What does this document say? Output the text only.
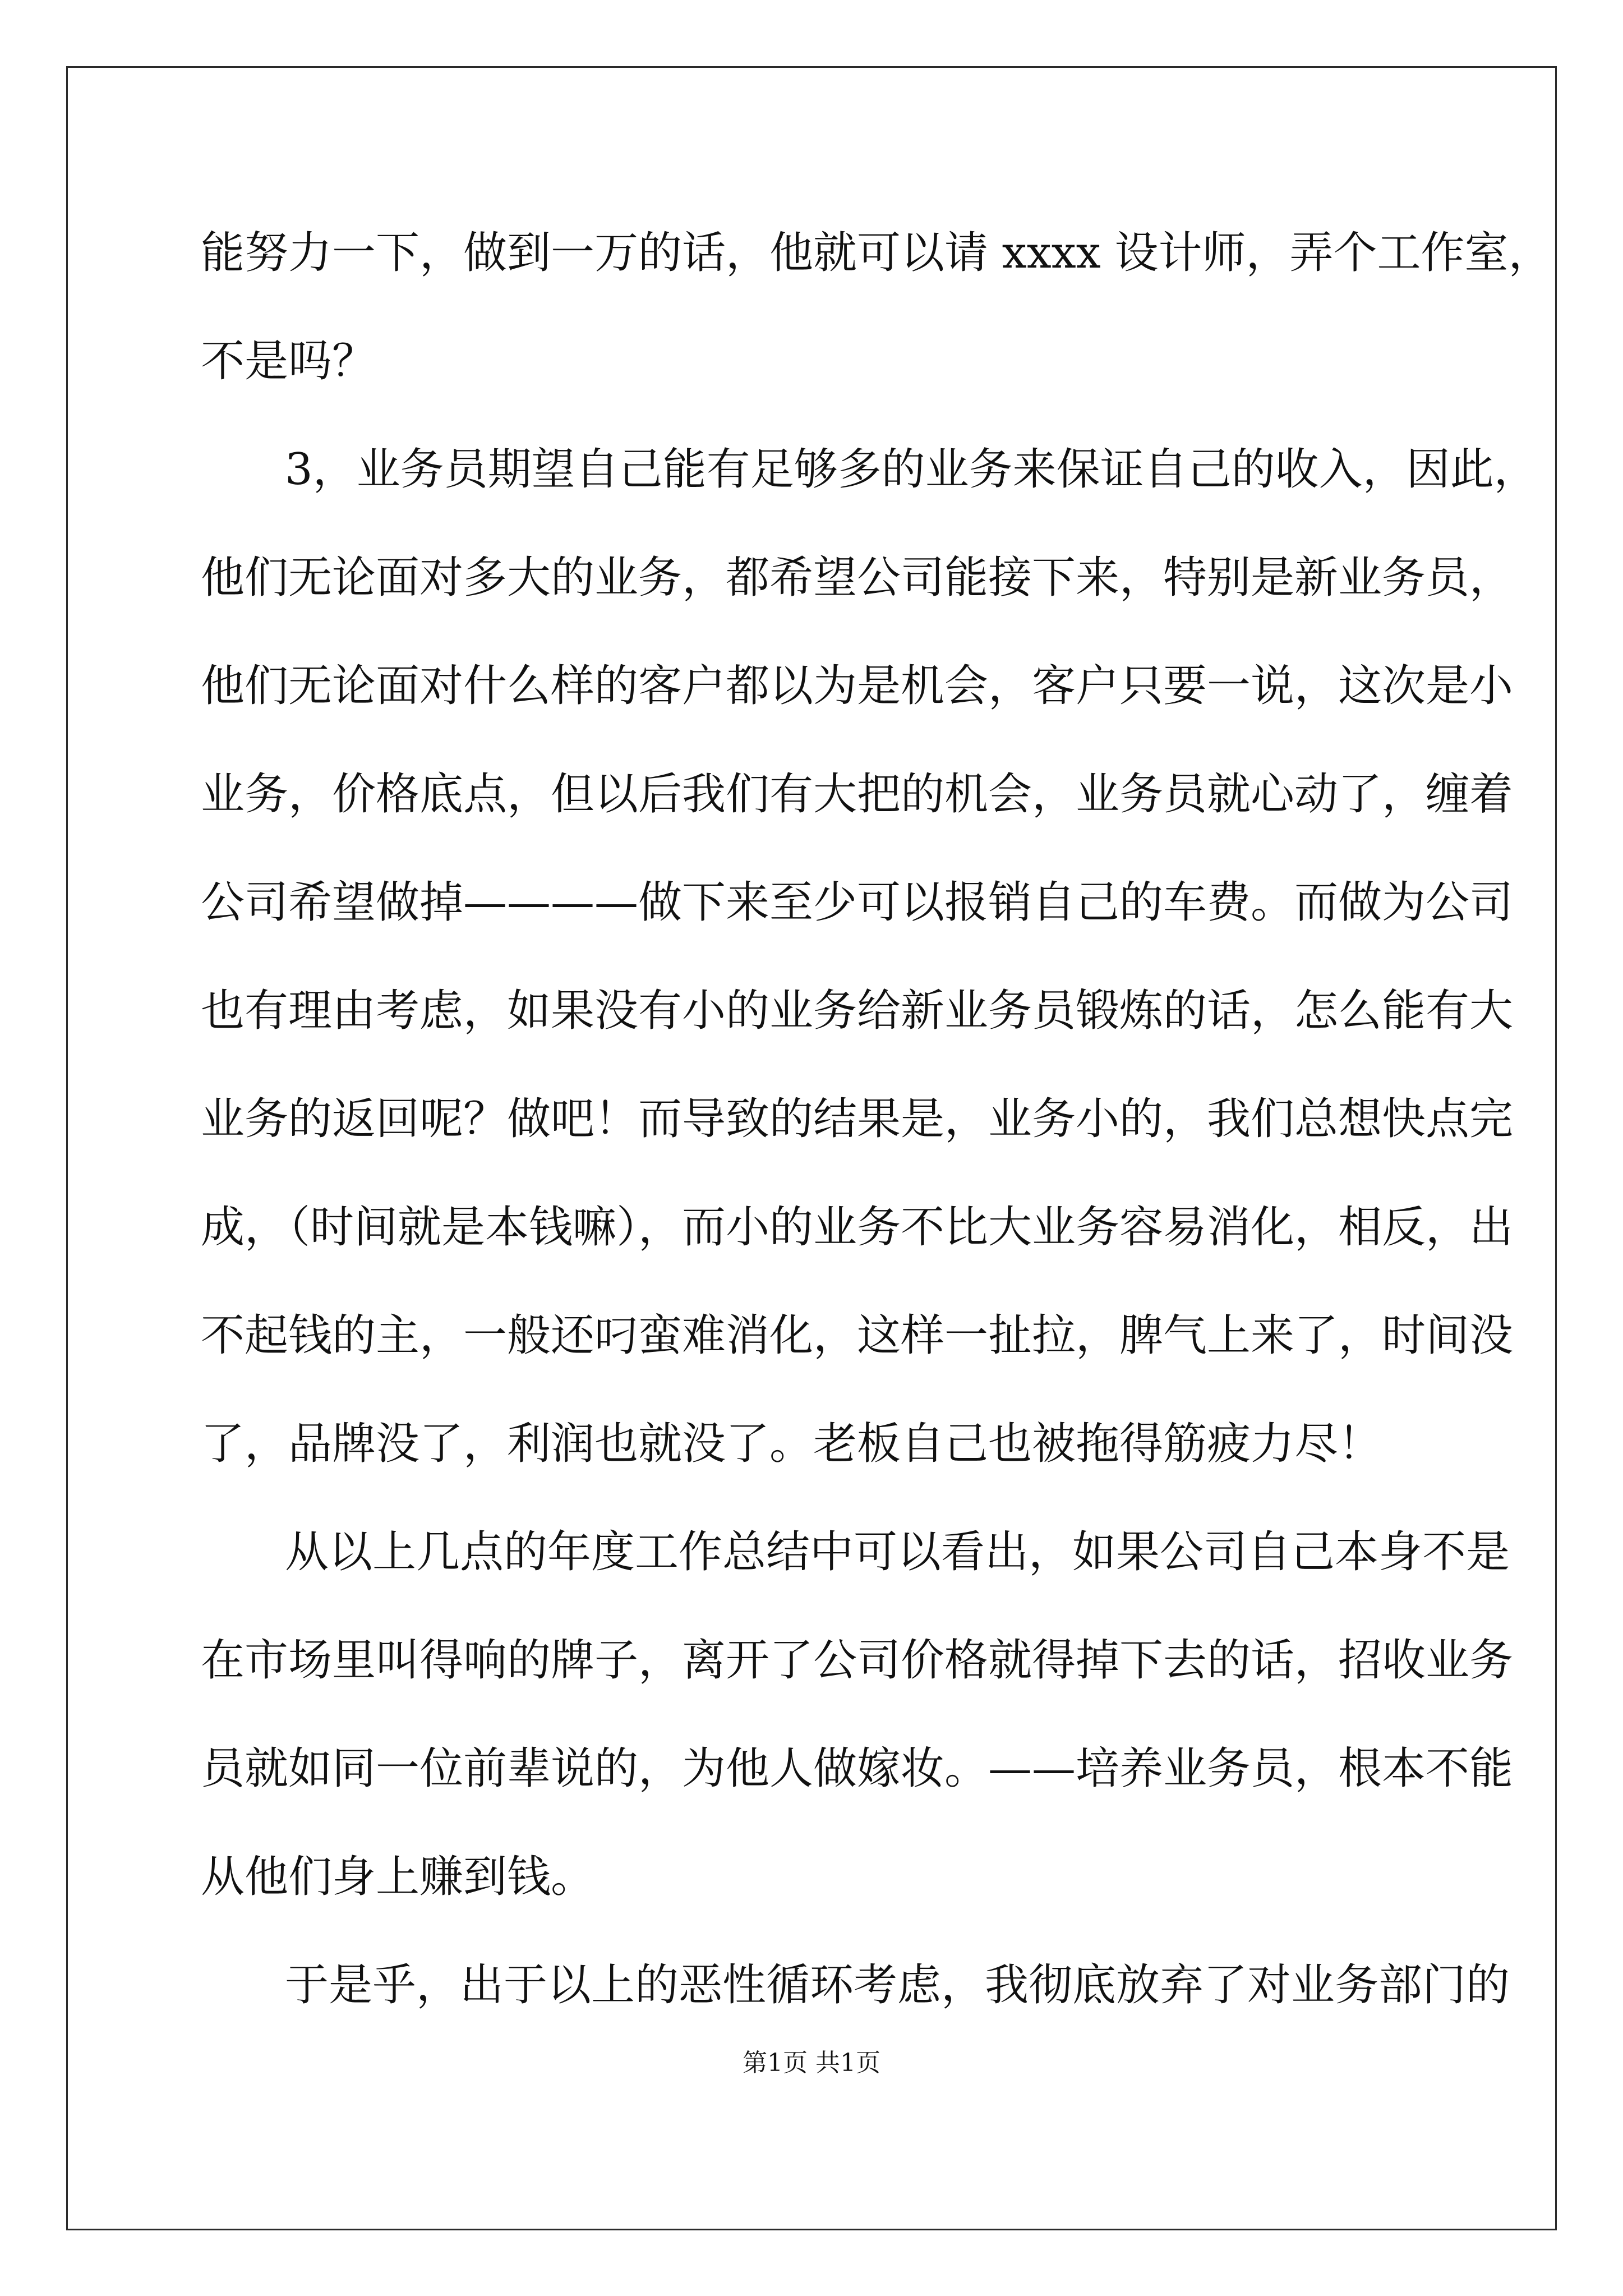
能努力一下，做到一万的话，他就可以请 xxxx 设计师，弄个工作室，
不是吗？
3，业务员期望自己能有足够多的业务来保证自己的收入，因此，
他们无论面对多大的业务，都希望公司能接下来，特别是新业务员，
他们无论面对什么样的客户都以为是机会，客户只要一说，这次是小
业务，价格底点，但以后我们有大把的机会，业务员就心动了，缠着
公司希望做掉————做下来至少可以报销自己的车费。而做为公司
也有理由考虑，如果没有小的业务给新业务员锻炼的话，怎么能有大
业务的返回呢？做吧！而导致的结果是，业务小的，我们总想快点完
成，（时间就是本钱嘛），而小的业务不比大业务容易消化，相反，出
不起钱的主，一般还叼蛮难消化，这样一扯拉，脾气上来了，时间没
了，品牌没了，利润也就没了。老板自己也被拖得筋疲力尽！
从以上几点的年度工作总结中可以看出，如果公司自己本身不是
在市场里叫得响的牌子，离开了公司价格就得掉下去的话，招收业务
员就如同一位前辈说的，为他人做嫁妆。——培养业务员，根本不能
从他们身上赚到钱。
于是乎，出于以上的恶性循环考虑，我彻底放弃了对业务部门的
第1页 共1页
